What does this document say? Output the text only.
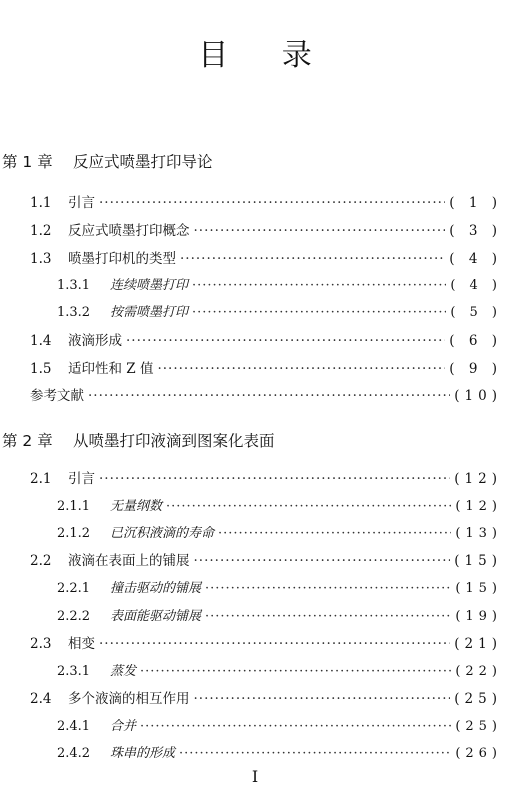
目 录
第 1 章 反应式喷墨打印导论
1.1	引言 ·····	( 1 )
1.2	反应式喷墨打印概念 ·····	( 3 )
1.3	喷墨打印机的类型 ·····	( 4 )
1.3.1	连续喷墨打印 ·····	( 4 )
1.3.2	按需喷墨打印 ·····	( 5 )
1.4	液滴形成 ·····	( 6 )
1.5	适印性和 Z 值 ·····	( 9 )
参考文献 ·····	(10)
第 2 章 从喷墨打印液滴到图案化表面
2.1	引言 ·····	(12)
2.1.1	无量纲数 ·····	(12)
2.1.2	已沉积液滴的寿命 ·····	(13)
2.2	液滴在表面上的铺展 ·····	(15)
2.2.1	撞击驱动的铺展 ·····	(15)
2.2.2	表面能驱动铺展 ·····	(19)
2.3	相变 ·····	(21)
2.3.1	蒸发 ·····	(22)
2.4	多个液滴的相互作用 ·····	(25)
2.4.1	合并 ·····	(25)
2.4.2	珠串的形成 ·····	(26)
I
